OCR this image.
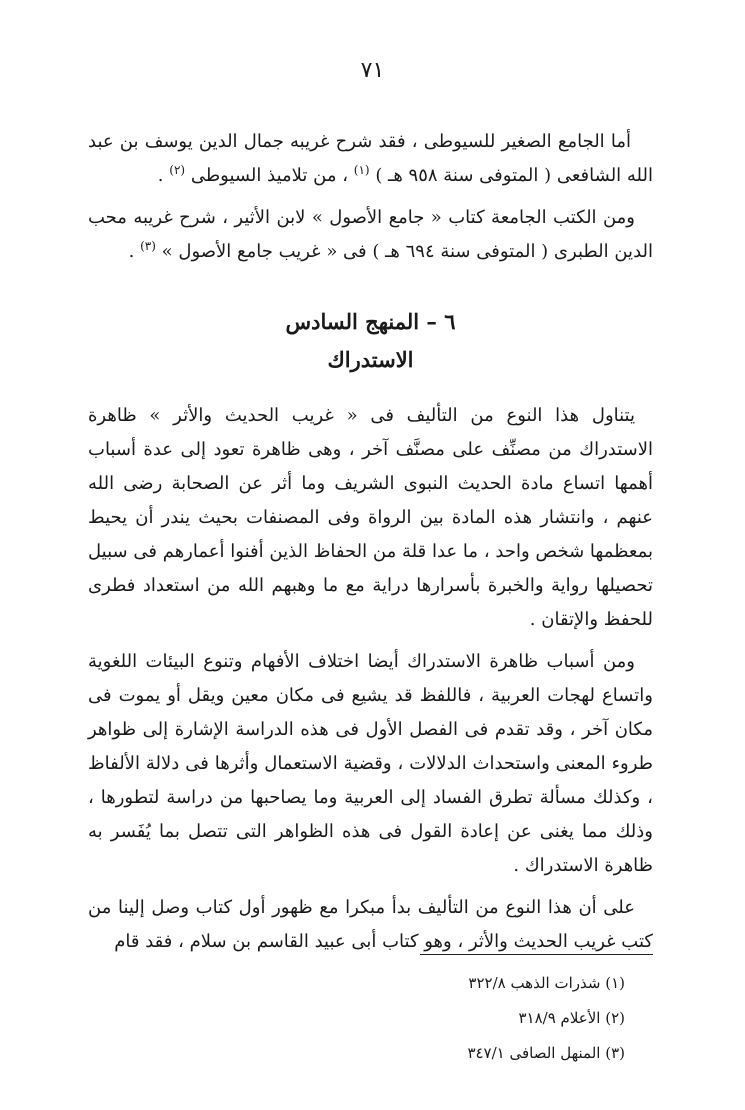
٧١

أما الجامع الصغير للسيوطى ، فقد شرح غريبه جمال الدين يوسف بن عبد الله الشافعى ( المتوفى سنة ٩٥٨ هـ ) $^{(١)}$ ، من تلاميذ السيوطى $^{(٢)}$ .

ومن الكتب الجامعة كتاب « جامع الأصول » لابن الأثير ، شرح غريبه محب الدين الطبرى ( المتوفى سنة ٦٩٤ هـ ) فى « غريب جامع الأصول » $^{(٣)}$ .

٦ – المنهج السادس
الاستدراك

يتناول هذا النوع من التأليف فى « غريب الحديث والأثر » ظاهرة الاستدراك من مصنِّف على مصنَّف آخر ، وهى ظاهرة تعود إلى عدة أسباب أهمها اتساع مادة الحديث النبوى الشريف وما أثر عن الصحابة رضى الله عنهم ، وانتشار هذه المادة بين الرواة وفى المصنفات بحيث يندر أن يحيط بمعظمها شخص واحد ، ما عدا قلة من الحفاظ الذين أفنوا أعمارهم فى سبيل تحصيلها رواية والخبرة بأسرارها دراية مع ما وهبهم الله من استعداد فطرى للحفظ والإتقان .

ومن أسباب ظاهرة الاستدراك أيضا اختلاف الأفهام وتنوع البيئات اللغوية واتساع لهجات العربية ، فاللفظ قد يشيع فى مكان معين ويقل أو يموت فى مكان آخر ، وقد تقدم فى الفصل الأول فى هذه الدراسة الإشارة إلى ظواهر طروء المعنى واستحداث الدلالات ، وقضية الاستعمال وأثرها فى دلالة الألفاظ ، وكذلك مسألة تطرق الفساد إلى العربية وما يصاحبها من دراسة لتطورها ، وذلك مما يغنى عن إعادة القول فى هذه الظواهر التى تتصل بما يُفَسر به ظاهرة الاستدراك .

على أن هذا النوع من التأليف بدأ مبكرا مع ظهور أول كتاب وصل إلينا من كتب غريب الحديث والأثر ، وهو كتاب أبى عبيد القاسم بن سلام ، فقد قام

(١) شذرات الذهب ٣٢٢/٨

(٢) الأعلام ٣١٨/٩

(٣) المنهل الصافى ٣٤٧/١
